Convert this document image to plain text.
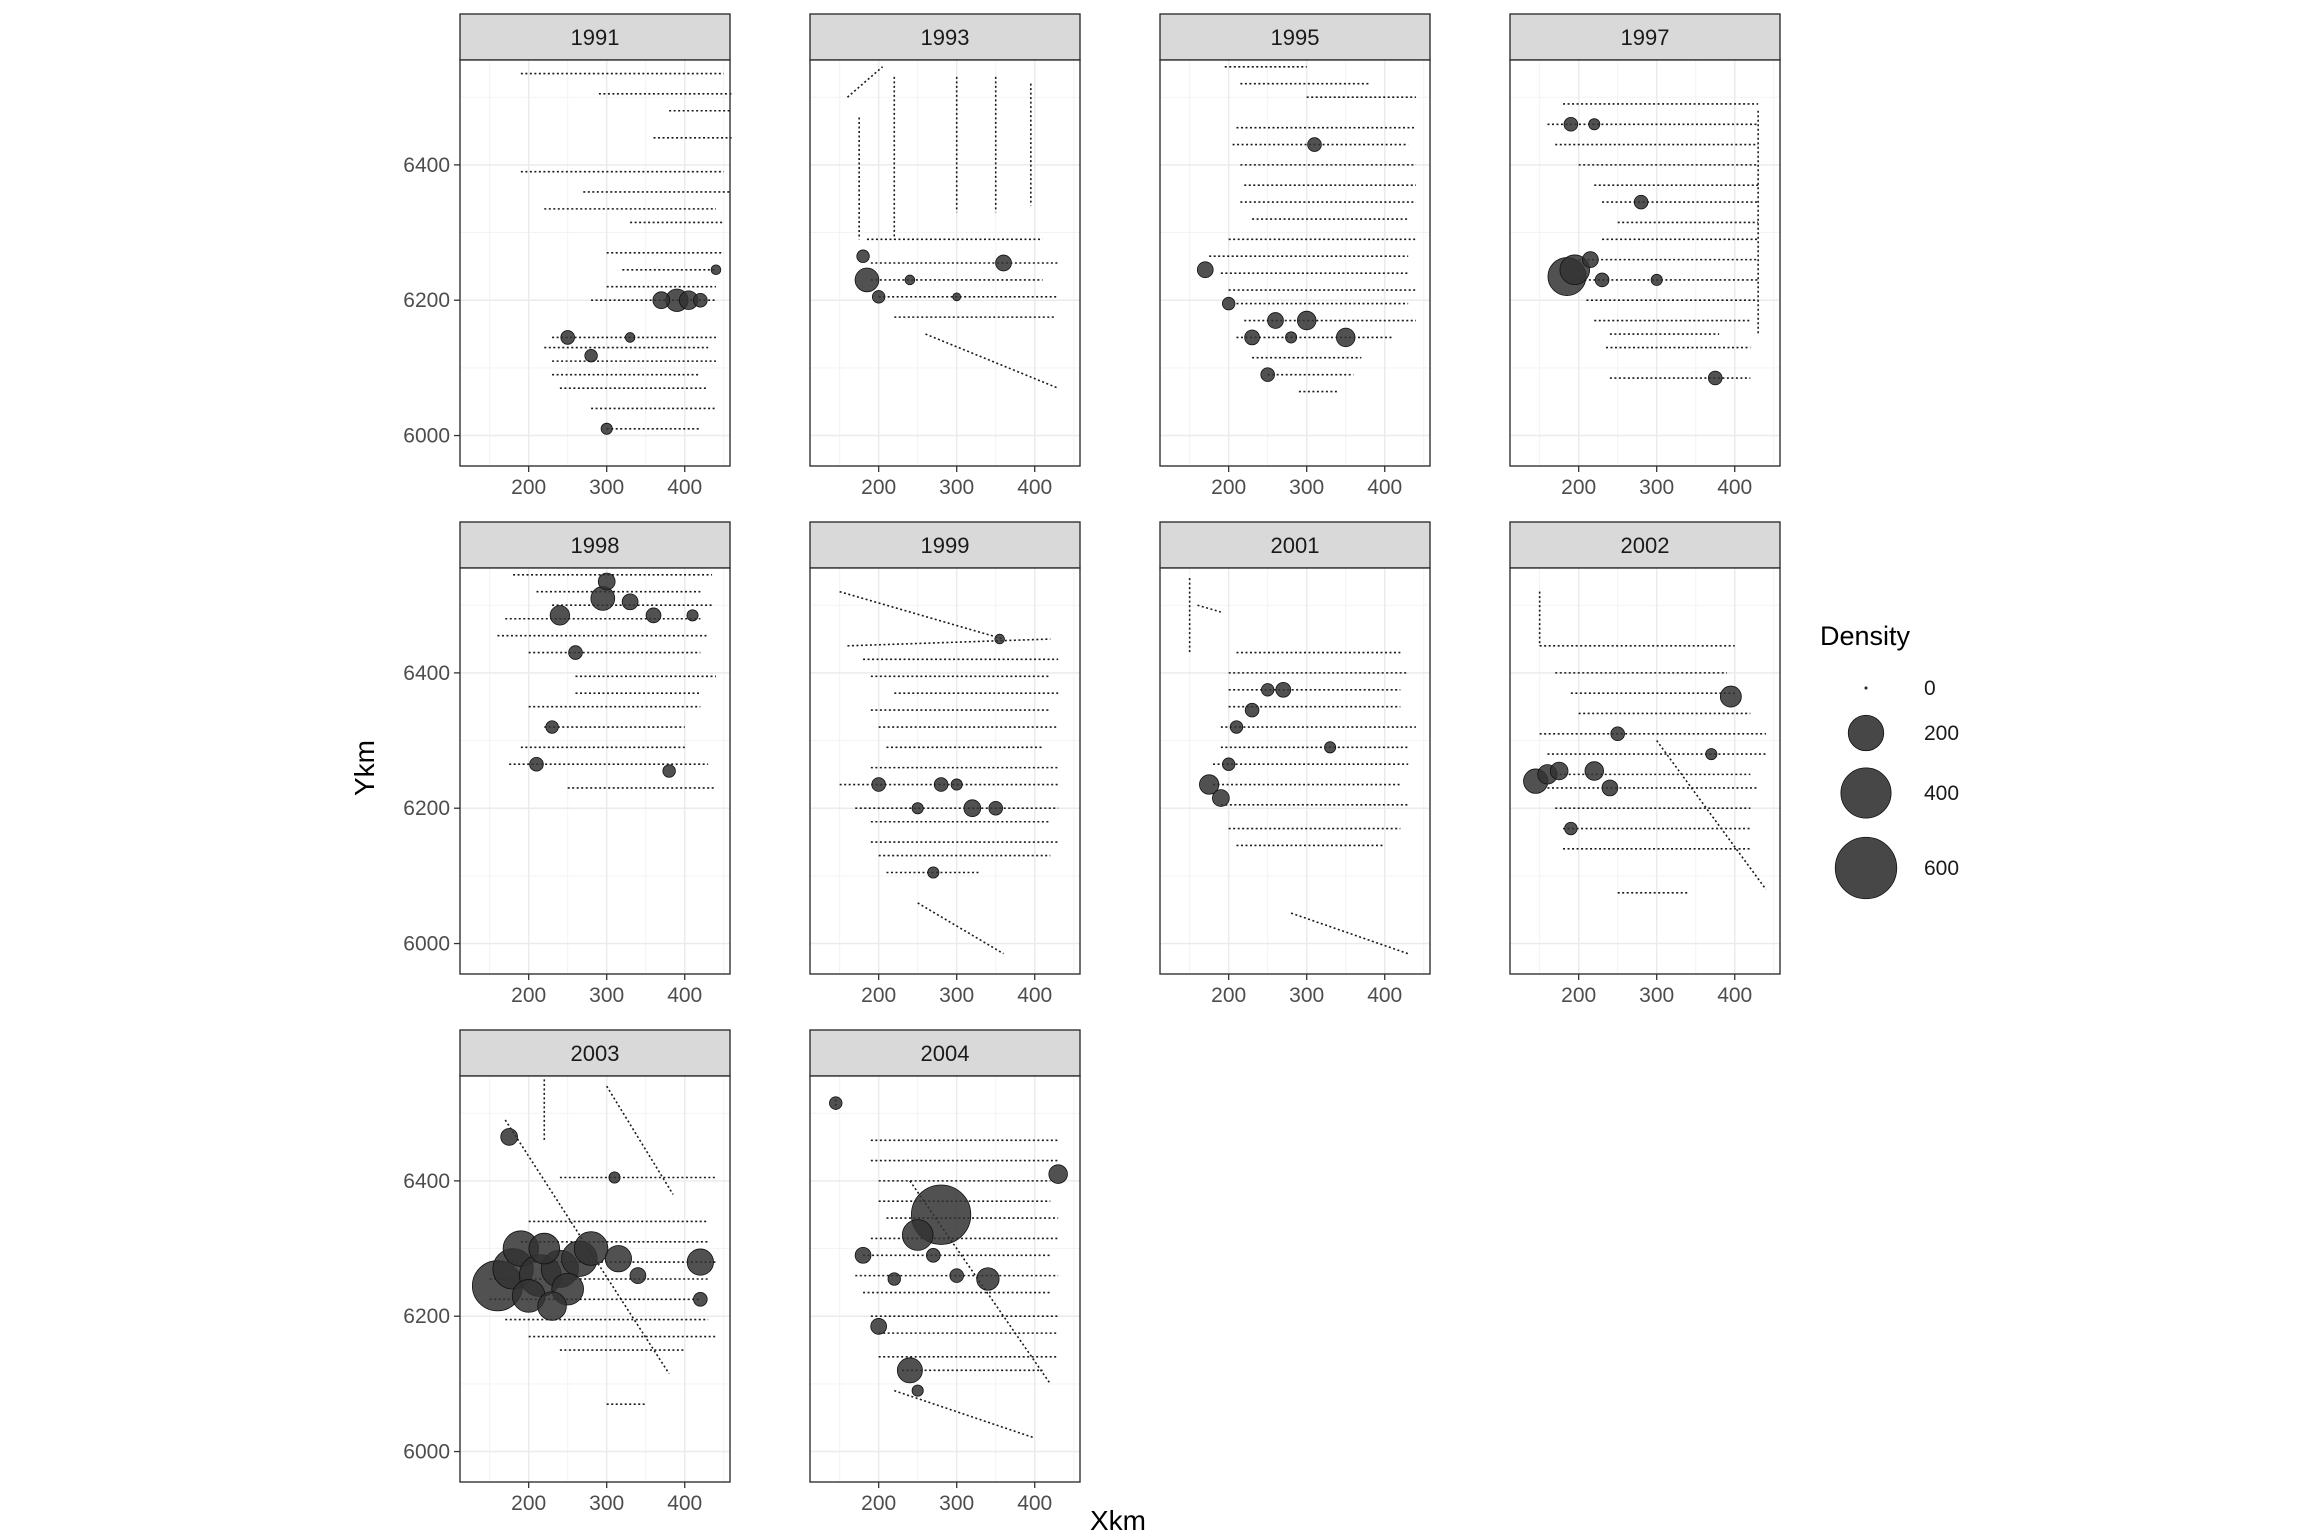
1991
6000
6200
6400
200 300 400
1993
200 300 400
1995
200 300 400
1997
200 300 400
1998
6000
6200
6400
200 300 400
1999
200 300 400
2001
200 300 400
2002
200 300 400
2003
6000
6200
6400
200 300 400
2004
200 300 400
Xkm
Ykm
Density
0
200
400
600
